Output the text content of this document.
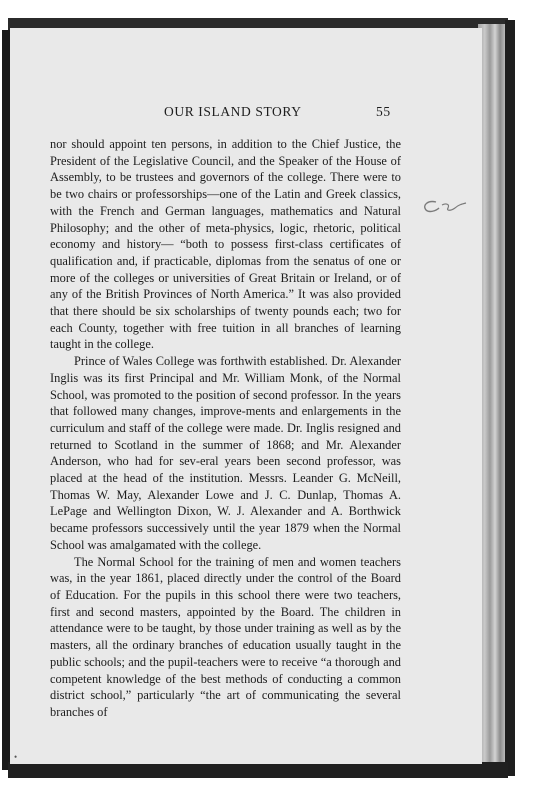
OUR ISLAND STORY	55

nor should appoint ten persons, in addition to the Chief Justice, the President of the Legislative Council, and the Speaker of the House of Assembly, to be trustees and governors of the college. There were to be two chairs or professorships—one of the Latin and Greek classics, with the French and German languages, mathematics and Natural Philosophy; and the other of meta-physics, logic, rhetoric, political economy and history— “both to possess first-class certificates of qualification and, if practicable, diplomas from the senatus of one or more of the colleges or universities of Great Britain or Ireland, or of any of the British Provinces of North America.” It was also provided that there should be six scholarships of twenty pounds each; two for each County, together with free tuition in all branches of learning taught in the college.

Prince of Wales College was forthwith established. Dr. Alexander Inglis was its first Principal and Mr. William Monk, of the Normal School, was promoted to the position of second professor. In the years that followed many changes, improve-ments and enlargements in the curriculum and staff of the college were made. Dr. Inglis resigned and returned to Scotland in the summer of 1868; and Mr. Alexander Anderson, who had for sev-eral years been second professor, was placed at the head of the institution. Messrs. Leander G. McNeill, Thomas W. May, Alexander Lowe and J. C. Dunlap, Thomas A. LePage and Wellington Dixon, W. J. Alexander and A. Borthwick became professors successively until the year 1879 when the Normal School was amalgamated with the college.

The Normal School for the training of men and women teachers was, in the year 1861, placed directly under the control of the Board of Education. For the pupils in this school there were two teachers, first and second masters, appointed by the Board. The children in attendance were to be taught, by those under training as well as by the masters, all the ordinary branches of education usually taught in the public schools; and the pupil-teachers were to receive “a thorough and competent knowledge of the best methods of conducting a common district school,” particularly “the art of communicating the several branches of

•
